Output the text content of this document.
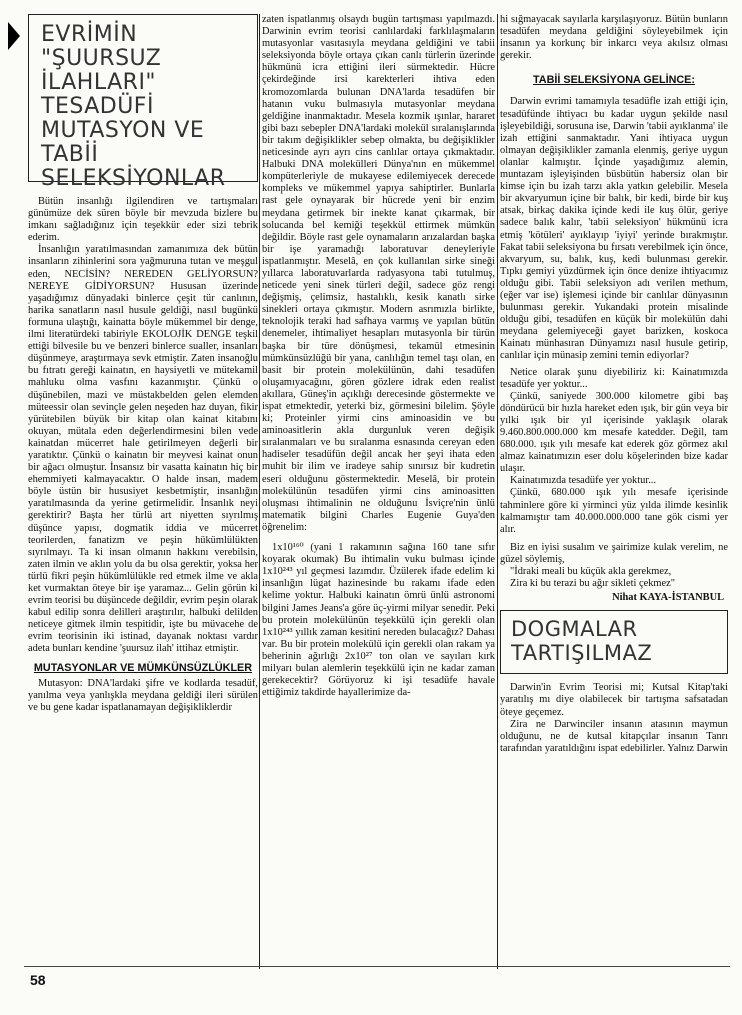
EVRİMİN
"ŞUURSUZ
İLAHLARI"
TESADÜFİ
MUTASYON VE
TABİİ
SELEKSİYONLAR

Bütün insanlığı ilgilendiren ve tartışmaları günümüze dek süren böyle bir mevzuda bizlere bu imkanı sağladığınız için teşekkür eder sizi tebrik ederim.

İnsanlığın yaratılmasından zamanımıza dek bütün insanların zihinlerini sora yağmuruna tutan ve meşgul eden, NECİSİN? NEREDEN GELİYORSUN? NEREYE GİDİYORSUN? Hususan üzerinde yaşadığımız dünyadaki binlerce çeşit tür canlının, harika sanatların nasıl husule geldiği, nasıl bugünkü formuna ulaştığı, kainatta böyle mükemmel bir denge, ilmi literatürdeki tabiriyle EKOLOJİK DENGE teşkil ettiği bilvesile bu ve benzeri binlerce sualler, insanları düşünmeye, araştırmaya sevk etmiştir. Zaten insanoğlu bu fıtratı gereği kainatın, en haysiyetli ve mütekamil mahluku olma vasfını kazanmıştır. Çünkü o düşünebilen, mazi ve müstakbelden gelen elemden müteessir olan sevinçle gelen neşeden haz duyan, fikir yürütebilen büyük bir kitap olan kainat kitabını okuyan, mütala eden değerlendirmesini bilen vede kainatdan mücerret hale getirilmeyen değerli bir yaratıktır. Çünkü o kainatın bir meyvesi kainat onun bir ağacı olmuştur. İnsansız bir vasatta kainatın hiç bir ehemmiyeti kalmayacaktır. O halde insan, madem böyle üstün bir hususiyet kesbetmiştir, insanlığın yaratılmasında da yerine getirmelidir. İnsanlık neyi gerektirir? Başta her türlü art niyetten sıyrılmış düşünce yapısı, dogmatik iddia ve mücerret teorilerden, fanatizm ve peşin hükümlülükten sıyrılmayı. Ta ki insan olmanın hakkını verebilsin, zaten ilmin ve aklın yolu da bu olsa gerektir, yoksa her türlü fikri peşin hükümlülükle red etmek ilme ve akla ket vurmaktan öteye bir işe yaramaz... Gelin görün ki evrim teorisi bu düşüncede değildir, evrim peşin olarak kabul edilip sonra delilleri araştırılır, halbuki delilden neticeye gitmek ilmin tespitidir, işte bu müvacehe de evrim teorisinin iki istinad, dayanak noktası vardır adeta bunları kendine 'şuursuz ilah' ittihaz etmiştir.

MUTASYONLAR VE MÜMKÜNSÜZLÜKLER

Mutasyon: DNA'lardaki şifre ve kodlarda tesadüf, yanılma veya yanlışkla meydana geldiği ileri sürülen ve bu gene kadar ispatlanamayan değişikliklerdir

zaten ispatlanmış olsaydı bugün tartışması yapılmazdı. Darwinin evrim teorisi canlılardaki farklılaşmaların mutasyonlar vasıtasıyla meydana geldiğini ve tabii seleksiyonda böyle ortaya çıkan canlı türlerin üzerinde hükmünü icra ettiğini ileri sürmektedir. Hücre çekirdeğinde irsi karekterleri ihtiva eden kromozomlarda bulunan DNA'larda tesadüfen bir hatanın vuku bulmasıyla mutasyonlar meydana geldiğine inanmaktadır. Mesela kozmik ışınlar, hararet gibi bazı sebepler DNA'lardaki molekül sıralanışlarında bir takım değişiklikler sebep olmakta, bu değişiklikler neticesinde ayrı ayrı cins canlılar ortaya çıkmaktadır. Halbuki DNA molekülleri Dünya'nın en mükemmel kompüterleriyle de mukayese edilemiyecek derecede kompleks ve mükemmel yapıya sahiptirler. Bunlarla rast gele oynayarak bir hücrede yeni bir enzim meydana getirmek bir inekte kanat çıkarmak, bir solucanda bel kemiği teşekkül ettirmek mümkün değildir. Böyle rast gele oynamaların arızalardan başka bir işe yaramadığı laboratuvar deneyleriyle ispatlanmıştır. Meselâ, en çok kullanılan sirke sineği yıllarca laboratuvarlarda radyasyona tabi tutulmuş, neticede yeni sinek türleri değil, sadece göz rengi değişmiş, çelimsiz, hastalıklı, kesik kanatlı sirke sinekleri ortaya çıkmıştır. Modern asrımızla birlikte, teknolojik teraki had safhaya varmış ve yapılan bütün denemeler, ihtimaliyet hesapları mutasyonla bir türün başka bir türe dönüşmesi, tekamül etmesinin mümkünsüzlüğü bir yana, canlılığın temel taşı olan, en basit bir protein molekülünün, dahi tesadüfen oluşamıyacağını, gören gözlere idrak eden realist akıllara, Güneş'in açıklığı derecesinde göstermekte ve ispat etmektedir, yeterki biz, görmesini bilelim. Şöyle ki; Proteinler yirmi cins aminoasidin ve bu aminoasitlerin akla durgunluk veren değişik sıralanmaları ve bu sıralanma esnasında cereyan eden hadiseler tesadüfün değil ancak her şeyi ihata eden muhit bir ilim ve iradeye sahip sınırsız bir kudretin eseri olduğunu göstermektedir. Meselâ, bir protein molekülünün tesadüfen yirmi cins aminoasitten oluşması ihtimalinin ne olduğunu İsviçre'nin ünlü matematik bilgini Charles Eugenie Guya'den öğrenelim:

1x10¹⁶⁰ (yani 1 rakamının sağına 160 tane sıfır koyarak okumak) Bu ihtimalin vuku bulması içinde 1x10²⁴³ yıl geçmesi lazımdır. Üzülerek ifade edelim ki insanlığın lügat hazinesinde bu rakamı ifade eden kelime yoktur. Halbuki kainatın ömrü ünlü astronomi bilgini James Jeans'a göre üç-yirmi milyar senedir. Peki bu protein molekülünün teşekkülü için gerekli olan 1x10²⁴³ yıllık zaman kesitini nereden bulacağız? Dahası var. Bu bir protein molekülü için gerekli olan rakam ya beherinin ağırlığı 2x10²⁷ ton olan ve sayıları kırk milyarı bulan alemlerin teşekkülü için ne kadar zaman gerekecektir? Görüyoruz ki işi tesadüfe havale ettiğimiz takdirde hayallerimize da-

hi sığmayacak sayılarla karşılaşıyoruz. Bütün bunların tesadüfen meydana geldiğini söyleyebilmek için insanın ya korkunç bir inkarcı veya akılsız olması gerekir.

TABİİ SELEKSİYONA GELİNCE:

Darwin evrimi tamamıyla tesadüfle izah ettiği için, tesadüfünde ihtiyacı bu kadar uygun şekilde nasıl işleyebildiği, sorusuna ise, Darwin 'tabii ayıklanma' ile izah ettiğini sanmaktadır. Yani ihtiyaca uygun olmayan değişiklikler zamanla elenmiş, geriye uygun olanlar kalmıştır. İçinde yaşadığımız alemin, muntazam işleyişinden büsbütün habersiz olan bir kimse için bu izah tarzı akla yatkın gelebilir. Mesela bir akvaryumun içine bir balık, bir kedi, birde bir kuş atsak, birkaç dakika içinde kedi ile kuş ölür, geriye sadece balık kalır, 'tabii seleksiyon' hükmünü icra etmiş 'kötüleri' ayıklayıp 'iyiyi' yerinde bırakmıştır. Fakat tabii seleksiyona bu fırsatı verebilmek için önce, akvaryum, su, balık, kuş, kedi bulunması gerekir. Tıpkı gemiyi yüzdürmek için önce denize ihtiyacımız olduğu gibi. Tabii seleksiyon adı verilen methum, (eğer var ise) işlemesi içinde bir canlılar dünyasının bulunması gerekir. Yukandaki protein misalinde olduğu gibi, tesadüfen en küçük bir molekülün dahi meydana gelemiyeceği gayet barizken, koskoca Kainatı münhasıran Dünyamızı nasıl husule getirip, canlılar için münasip zemini temin ediyorlar?

Netice olarak şunu diyebiliriz ki: Kainatımızda tesadüfe yer yoktur...

Çünkü, saniyede 300.000 kilometre gibi baş döndürücü bir hızla hareket eden ışık, bir gün veya bir yılki ışık bir yıl içerisinde yaklaşık olarak 9.460.800.000.000 km mesafe katedder. Değil, tam 680.000. ışık yılı mesafe kat ederek göz görmez akıl almaz kainatımızın eser dolu köşelerinden bize kadar ulaşır.

Kainatımızda tesadüfe yer yoktur...

Çünkü, 680.000 ışık yılı mesafe içerisinde tahminlere göre ki yirminci yüz yılda ilimde kesinlik kalmamıştır tam 40.000.000.000 tane gök cismi yer alır.

Biz en iyisi susalım ve şairimize kulak verelim, ne güzel söylemiş,

"İdraki meali bu küçük akla gerekmez,

Zira ki bu terazi bu ağır sikleti çekmez"

Nihat KAYA-İSTANBUL
DOGMALAR
TARTIŞILMAZ

Darwin'in Evrim Teorisi mi; Kutsal Kitap'taki yaratılış mı diye olabilecek bir tartışma safsatadan öteye geçemez.

Zira ne Darwinciler insanın atasının maymun olduğunu, ne de kutsal kitapçılar insanın Tanrı tarafından yaratıldığını ispat edebilirler. Yalnız Darwin

58
